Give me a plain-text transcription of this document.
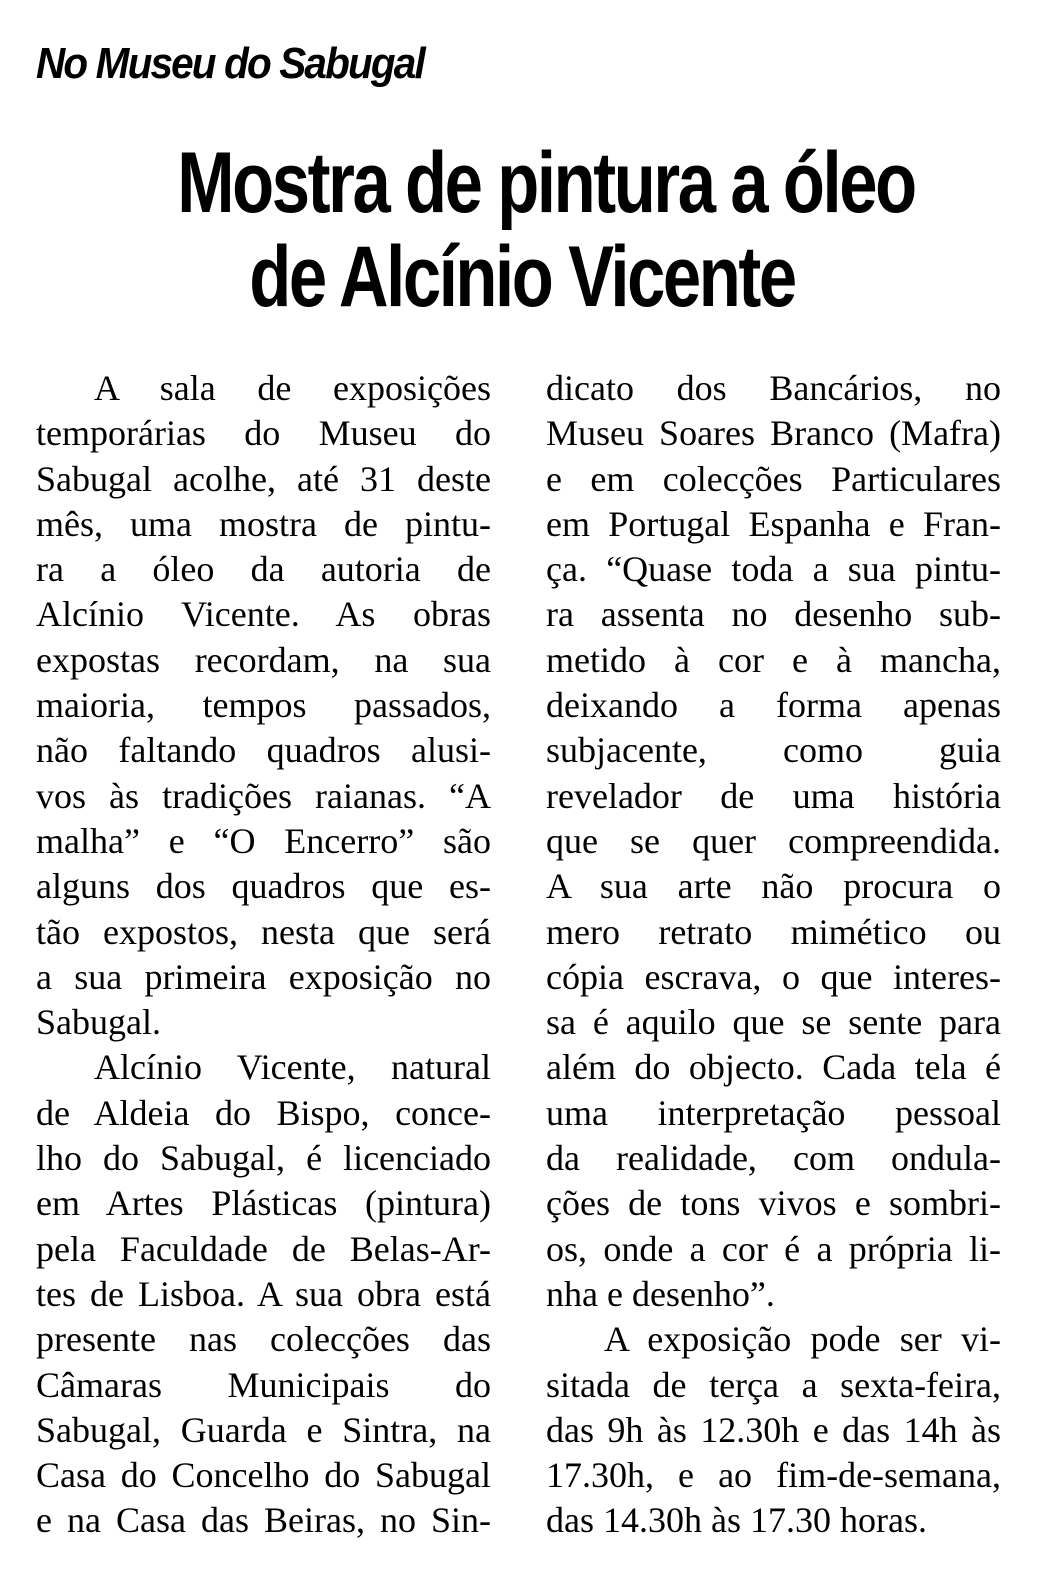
No Museu do Sabugal
Mostra de pintura a óleo
de Alcínio Vicente
A sala de exposições
temporárias do Museu do
Sabugal acolhe, até 31 deste
mês, uma mostra de pintu-
ra a óleo da autoria de
Alcínio Vicente. As obras
expostas recordam, na sua
maioria, tempos passados,
não faltando quadros alusi-
vos às tradições raianas. “A
malha” e “O Encerro” são
alguns dos quadros que es-
tão expostos, nesta que será
a sua primeira exposição no
Sabugal.
Alcínio Vicente, natural
de Aldeia do Bispo, conce-
lho do Sabugal, é licenciado
em Artes Plásticas (pintura)
pela Faculdade de Belas-Ar-
tes de Lisboa. A sua obra está
presente nas colecções das
Câmaras Municipais do
Sabugal, Guarda e Sintra, na
Casa do Concelho do Sabugal
e na Casa das Beiras, no Sin-
dicato dos Bancários, no
Museu Soares Branco (Mafra)
e em colecções Particulares
em Portugal Espanha e Fran-
ça. “Quase toda a sua pintu-
ra assenta no desenho sub-
metido à cor e à mancha,
deixando a forma apenas
subjacente, como guia
revelador de uma história
que se quer compreendida.
A sua arte não procura o
mero retrato mimético ou
cópia escrava, o que interes-
sa é aquilo que se sente para
além do objecto. Cada tela é
uma interpretação pessoal
da realidade, com ondula-
ções de tons vivos e sombri-
os, onde a cor é a própria li-
nha e desenho”.
A exposição pode ser vi-
sitada de terça a sexta-feira,
das 9h às 12.30h e das 14h às
17.30h, e ao fim-de-semana,
das 14.30h às 17.30 horas.
